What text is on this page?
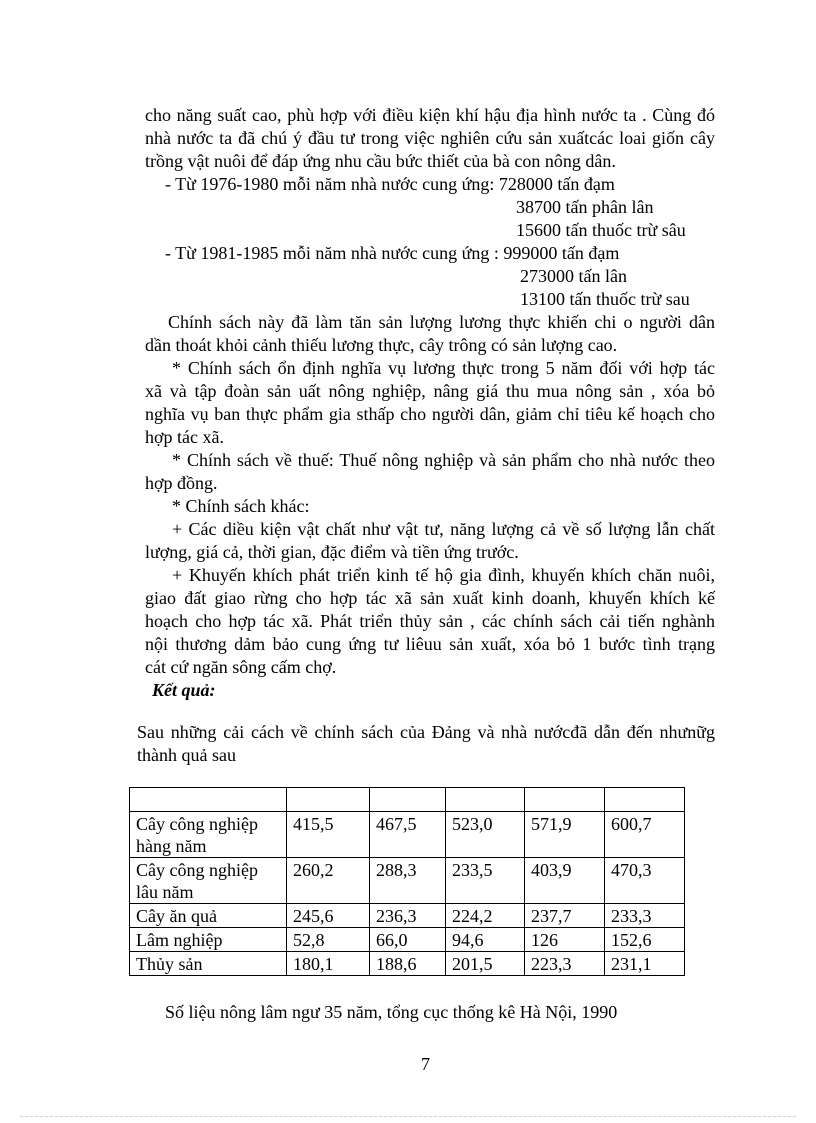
cho năng suất cao, phù hợp với điều kiện khí hậu địa hình nước ta . Cùng đó
nhà nước ta đã chú ý đầu tư trong việc nghiên cứu sản xuấtcác loai giốn cây
trồng vật nuôi để đáp ứng nhu cầu bức thiết của bà con nông dân.
- Từ 1976-1980 mỗi năm nhà nước cung ứng: 728000 tấn đạm
38700 tấn phân lân
15600 tấn thuốc trừ sâu
- Từ 1981-1985 mỗi năm nhà nước cung ứng : 999000 tấn đạm
273000 tấn lân
13100 tấn thuốc trừ sau
Chính sách này đã làm tăn sản lượng lương thực khiến chi o người dân
dần thoát khỏi cảnh thiếu lương thực, cây trông có sản lượng cao.
* Chính sách ổn định nghĩa vụ lương thực trong 5 năm đối với hợp tác
xã và tập đoàn sản uất nông nghiệp, nâng giá thu mua nông sản , xóa bỏ
nghĩa vụ ban thực phẩm gia sthấp cho người dân, giảm chỉ tiêu kế hoạch cho
hợp tác xã.
* Chính sách về thuế: Thuế nông nghiệp và sản phẩm cho nhà nước theo
hợp đồng.
* Chính sách khác:
+ Các diều kiện vật chất như vật tư, năng lượng cả về số lượng lẫn chất
lượng, giá cả, thời gian, đặc điểm và tiền ứng trước.
+ Khuyến khích phát triển kinh tế hộ gia đình, khuyến khích chăn nuôi,
giao đất giao rừng cho hợp tác xã sản xuất kinh doanh, khuyến khích kế
hoạch cho hợp tác xã. Phát triển thủy sản , các chính sách cải tiến nghành
nội thương dảm bảo cung ứng tư liêuu sản xuất, xóa bỏ 1 bước tình trạng
cát cứ ngăn sông cấm chợ.
Kết quả:
Sau những cải cách về chính sách của Đảng và nhà nướcđã dẫn đến nhưnữg
thành quả sau

Cây công nghiệp
hàng năm	415,5	467,5	523,0	571,9	600,7

Cây công nghiệp
lâu năm	260,2	288,3	233,5	403,9	470,3
Cây ăn quả	245,6	236,3	224,2	237,7	233,3
Lâm nghiệp	52,8	66,0	94,6	126	152,6
Thủy sản	180,1	188,6	201,5	223,3	231,1
Số liệu nông lâm ngư 35 năm, tổng cục thống kê Hà Nội, 1990
7
